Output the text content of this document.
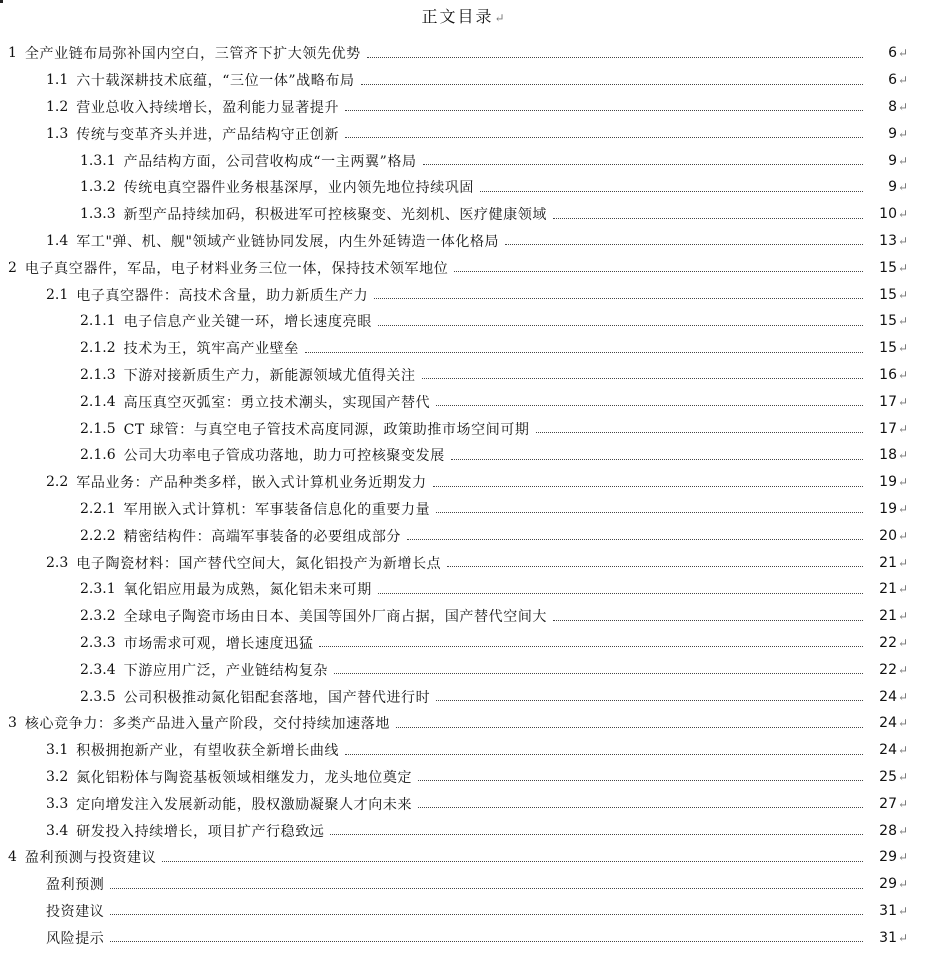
正文目录↵
1 全产业链布局弥补国内空白，三管齐下扩大领先优势	6 ↵
1.1 六十载深耕技术底蕴，“三位一体”战略布局	6 ↵
1.2 营业总收入持续增长，盈利能力显著提升	8 ↵
1.3 传统与变革齐头并进，产品结构守正创新	9 ↵
1.3.1 产品结构方面，公司营收构成“一主两翼”格局	9 ↵
1.3.2 传统电真空器件业务根基深厚，业内领先地位持续巩固	9 ↵
1.3.3 新型产品持续加码，积极进军可控核聚变、光刻机、医疗健康领域	10 ↵
1.4 军工"弹、机、舰"领域产业链协同发展，内生外延铸造一体化格局	13 ↵
2 电子真空器件，军品，电子材料业务三位一体，保持技术领军地位	15 ↵
2.1 电子真空器件：高技术含量，助力新质生产力	15 ↵
2.1.1 电子信息产业关键一环，增长速度亮眼	15 ↵
2.1.2 技术为王，筑牢高产业壁垒	15 ↵
2.1.3 下游对接新质生产力，新能源领域尤值得关注	16 ↵
2.1.4 高压真空灭弧室：勇立技术潮头，实现国产替代	17 ↵
2.1.5 CT 球管：与真空电子管技术高度同源，政策助推市场空间可期	17 ↵
2.1.6 公司大功率电子管成功落地，助力可控核聚变发展	18 ↵
2.2 军品业务：产品种类多样，嵌入式计算机业务近期发力	19 ↵
2.2.1 军用嵌入式计算机：军事装备信息化的重要力量	19 ↵
2.2.2 精密结构件：高端军事装备的必要组成部分	20 ↵
2.3 电子陶瓷材料：国产替代空间大，氮化铝投产为新增长点	21 ↵
2.3.1 氧化铝应用最为成熟，氮化铝未来可期	21 ↵
2.3.2 全球电子陶瓷市场由日本、美国等国外厂商占据，国产替代空间大	21 ↵
2.3.3 市场需求可观，增长速度迅猛	22 ↵
2.3.4 下游应用广泛，产业链结构复杂	22 ↵
2.3.5 公司积极推动氮化铝配套落地，国产替代进行时	24 ↵
3 核心竞争力：多类产品进入量产阶段，交付持续加速落地	24 ↵
3.1 积极拥抱新产业，有望收获全新增长曲线	24 ↵
3.2 氮化铝粉体与陶瓷基板领域相继发力，龙头地位奠定	25 ↵
3.3 定向增发注入发展新动能，股权激励凝聚人才向未来	27 ↵
3.4 研发投入持续增长，项目扩产行稳致远	28 ↵
4 盈利预测与投资建议	29 ↵
盈利预测	29 ↵
投资建议	31 ↵
风险提示	31 ↵
